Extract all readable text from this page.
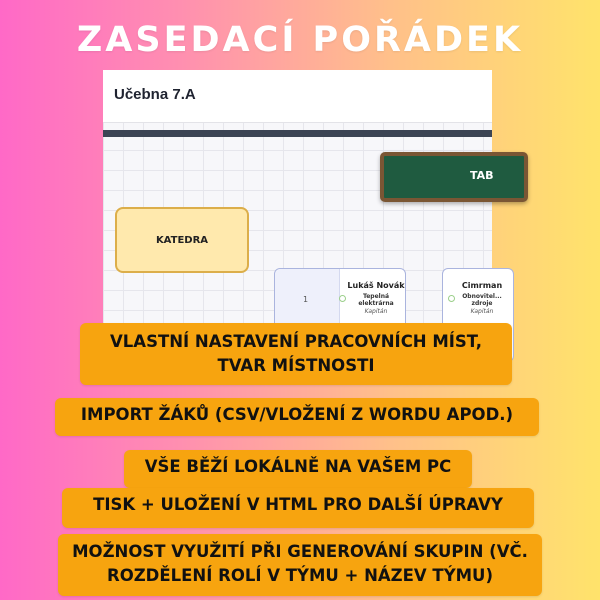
ZASEDACÍ POŘÁDEK
Učebna 7.A
TAB
KATEDRA
1
Lukáš Novák
Tepelná elektrárna
Kapitán
Cimrman
Obnovitel... zdroje
Kapitán
VLASTNÍ NASTAVENÍ PRACOVNÍCH MÍST, TVAR MÍSTNOSTI
IMPORT ŽÁKŮ (CSV/VLOŽENÍ Z WORDU APOD.)
VŠE BĚŽÍ LOKÁLNĚ NA VAŠEM PC
TISK + ULOŽENÍ V HTML PRO DALŠÍ ÚPRAVY
MOŽNOST VYUŽITÍ PŘI GENEROVÁNÍ SKUPIN (VČ. ROZDĚLENÍ ROLÍ V TÝMU + NÁZEV TÝMU)
